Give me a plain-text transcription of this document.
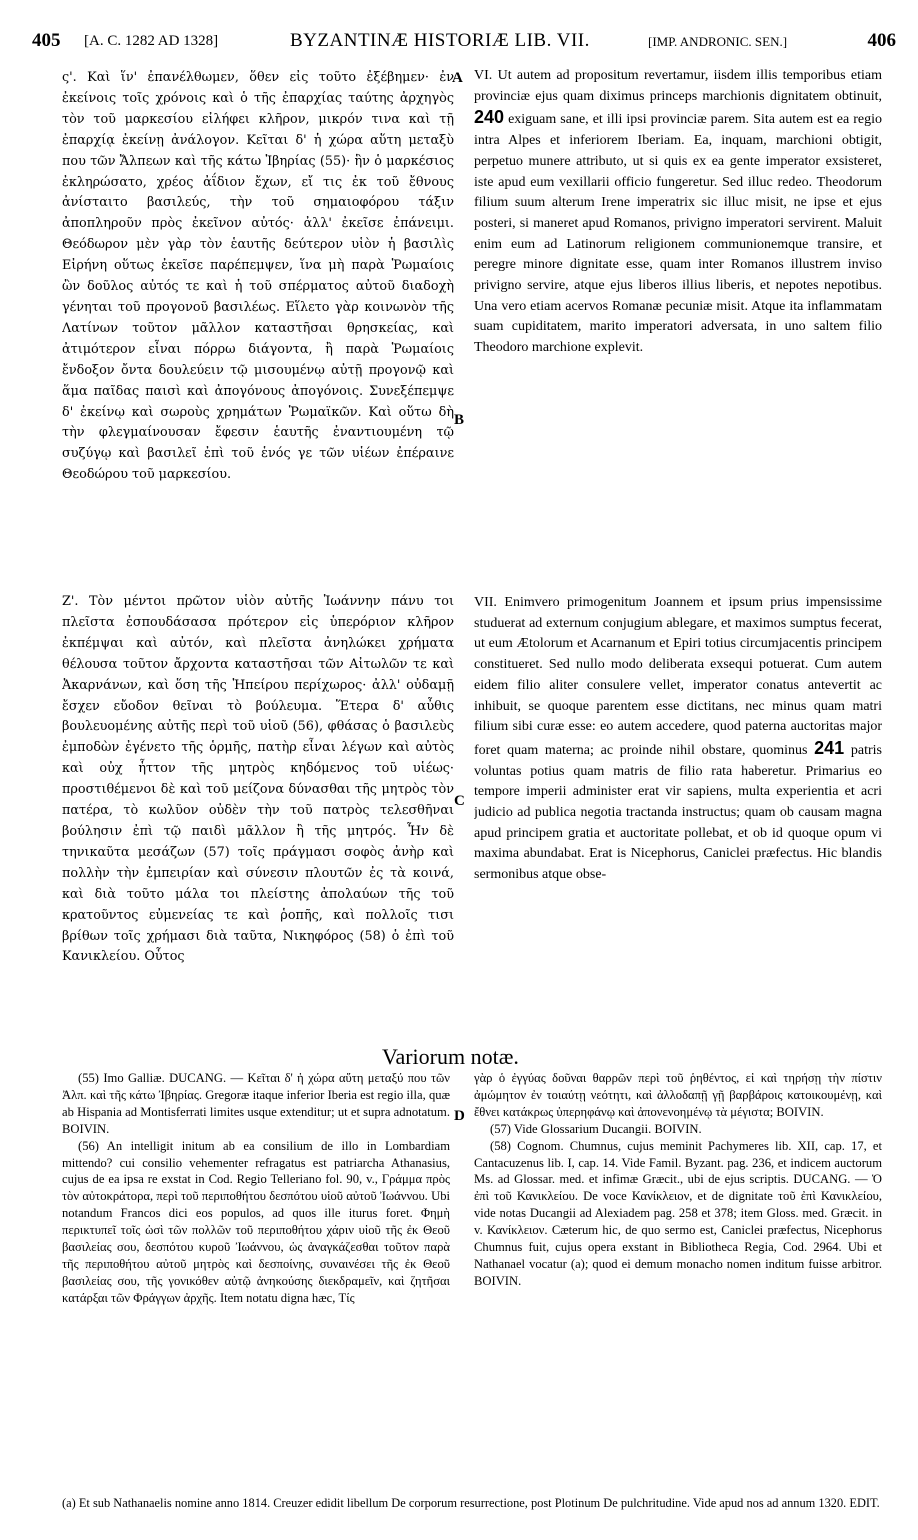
405 [A. C. 1282 AD 1328]	BYZANTINÆ HISTORIÆ LIB. VII.	[IMP. ANDRONIC. SEN.]	406

ς'. Καὶ ἵν' ἐπανέλθωμεν, ὅθεν εἰς τοῦτο ἐξέβημεν· ἐν ἐκείνοις τοῖς χρόνοις καὶ ὁ τῆς ἐπαρχίας ταύτης ἀρχηγὸς τὸν τοῦ μαρκεσίου εἰλήφει κλῆρον, μικρόν τινα καὶ τῇ ἐπαρχίᾳ ἐκείνῃ ἀνάλογον. Κεῖται δ' ἡ χώρα αὕτη μεταξὺ που τῶν Ἄλπεων καὶ τῆς κάτω Ἰβηρίας (55)· ἣν ὁ μαρκέσιος ἐκληρώσατο, χρέος ἀΐδιον ἔχων, εἴ τις ἐκ τοῦ ἔθνους ἀνίσταιτο βασιλεύς, τὴν τοῦ σημαιοφόρου τάξιν ἀποπληροῦν πρὸς ἐκεῖνον αὐτός· ἀλλ' ἐκεῖσε ἐπάνειμι. Θεόδωρον μὲν γὰρ τὸν ἑαυτῆς δεύτερον υἱὸν ἡ βασιλὶς Εἰρήνη οὕτως ἐκεῖσε παρέπεμψεν, ἵνα μὴ παρὰ Ῥωμαίοις ὢν δοῦλος αὐτός τε καὶ ἡ τοῦ σπέρματος αὐτοῦ διαδοχὴ γένηται τοῦ προγονοῦ βασιλέως. Εἵλετο γὰρ κοινωνὸν τῆς Λατίνων τοῦτον μᾶλλον καταστῆσαι θρησκείας, καὶ ἀτιμότερον εἶναι πόρρω διάγοντα, ἢ παρὰ Ῥωμαίοις ἔνδοξον ὄντα δουλεύειν τῷ μισουμένῳ αὐτῇ προγονῷ καὶ ἅμα παῖδας παισὶ καὶ ἀπογόνους ἀπογόνοις. Συνεξέπεμψε δ' ἐκείνῳ καὶ σωροὺς χρημάτων Ῥωμαϊκῶν. Καὶ οὕτω δὴ τὴν φλεγμαίνουσαν ἔφεσιν ἑαυτῆς ἐναντιουμένη τῷ συζύγῳ καὶ βασιλεῖ ἐπὶ τοῦ ἑνός γε τῶν υἱέων ἐπέραινε Θεοδώρου τοῦ μαρκεσίου.

Ζ'. Τὸν μέντοι πρῶτον υἱὸν αὐτῆς Ἰωάννην πάνυ τοι πλεῖστα ἐσπουδάσασα πρότερον εἰς ὑπερόριον κλῆρον ἐκπέμψαι καὶ αὐτόν, καὶ πλεῖστα ἀνηλώκει χρήματα θέλουσα τοῦτον ἄρχοντα καταστῆσαι τῶν Αἰτωλῶν τε καὶ Ἀκαρνάνων, καὶ ὅση τῆς Ἠπείρου περίχωρος· ἀλλ' οὐδαμῇ ἔσχεν εὔοδον θεῖναι τὸ βούλευμα. Ἕτερα δ' αὖθις βουλευομένης αὐτῆς περὶ τοῦ υἱοῦ (56), φθάσας ὁ βασιλεὺς ἐμποδὼν ἐγένετο τῆς ὁρμῆς, πατὴρ εἶναι λέγων καὶ αὐτὸς καὶ οὐχ ἧττον τῆς μητρὸς κηδόμενος τοῦ υἱέως· προστιθέμενοι δὲ καὶ τοῦ μείζονα δύνασθαι τῆς μητρὸς τὸν πατέρα, τὸ κωλῦον οὐδὲν τὴν τοῦ πατρὸς τελεσθῆναι βούλησιν ἐπὶ τῷ παιδὶ μᾶλλον ἢ τῆς μητρός. Ἦν δὲ τηνικαῦτα μεσάζων (57) τοῖς πράγμασι σοφὸς ἀνὴρ καὶ πολλὴν τὴν ἐμπειρίαν καὶ σύνεσιν πλουτῶν ἐς τὰ κοινά, καὶ διὰ τοῦτο μάλα τοι πλείστης ἀπολαύων τῆς τοῦ κρατοῦντος εὐμενείας τε καὶ ῥοπῆς, καὶ πολλοῖς τισι βρίθων τοῖς χρήμασι διὰ ταῦτα, Νικηφόρος (58) ὁ ἐπὶ τοῦ Κανικλείου. Οὗτος

A
B
C
D

VI. Ut autem ad propositum revertamur, iisdem illis temporibus etiam provinciæ ejus quam diximus princeps marchionis dignitatem obtinuit, 240 exiguam sane, et illi ipsi provinciæ parem. Sita autem est ea regio intra Alpes et inferiorem Iberiam. Ea, inquam, marchioni obtigit, perpetuo munere attributo, ut si quis ex ea gente imperator exsisteret, iste apud eum vexillarii officio fungeretur. Sed illuc redeo. Theodorum filium suum alterum Irene imperatrix sic illuc misit, ne ipse et ejus posteri, si maneret apud Romanos, privigno imperatori servirent. Maluit enim eum ad Latinorum religionem communionemque transire, et peregre minore dignitate esse, quam inter Romanos illustrem invisо privigno servire, atque ejus liberos illius liberis, et nepotes nepotibus. Una vero etiam acervos Romanæ pecuniæ misit. Atque ita inflammatam suam cupiditatem, marito imperatori adversata, in uno saltem filio Theodoro marchione explevit.

VII. Enimvero primogenitum Joannem et ipsum prius impensissime studuerat ad externum conjugium ablegare, et maximos sumptus fecerat, ut eum Ætolorum et Acarnanum et Epiri totius circumjacentis principem constitueret. Sed nullo modo deliberata exsequi potuerat. Cum autem eidem filio aliter consulere vellet, imperator conatus antevertit ac inhibuit, se quoque parentem esse dictitans, nec minus quam matri filium sibi curæ esse: eo autem accedere, quod paterna auctoritas major foret quam materna; ac proinde nihil obstare, quominus 241 patris voluntas potius quam matris de filio rata haberetur. Primarius eo tempore imperii administer erat vir sapiens, multa experientia et acri judicio ad publica negotia tractanda instructus; quam ob causam magna apud principem gratia et auctoritate pollebat, et ob id quoque opum vi maxima abundabat. Erat is Nicephorus, Caniclei præfectus. Hic blandis sermonibus atque obse-

Variorum notæ.

(55) Imo Galliæ. DUCANG. — Κεῖται δ' ἡ χώρα αὕτη μεταξύ που τῶν Ἀλπ. καὶ τῆς κάτω Ἰβηρίας. Gregoræ itaque inferior Iberia est regio illa, quæ ab Hispania ad Montisferrati limites usque extenditur; ut et supra adnotatum. BOIVIN.

(56) An intelligit initum ab ea consilium de illo in Lombardiam mittendo? cui consilio vehementer refragatus est patriarcha Athanasius, cujus de ea ipsa re exstat in Cod. Regio Telleriano fol. 90, v., Γράμμα πρὸς τὸν αὐτοκράτορα, περὶ τοῦ περιποθήτου δεσπότου υἱοῦ αὐτοῦ Ἰωάννου. Ubi notandum Francos dici eos populos, ad quos ille iturus foret. Φημὴ περικτυπεῖ τοῖς ὠσὶ τῶν πολλῶν τοῦ περιποθήτου χάριν υἱοῦ τῆς ἐκ Θεοῦ βασιλείας σου, δεσπότου κυροῦ Ἰωάννου, ὡς ἀναγκάζεσθαι τοῦτον παρὰ τῆς περιποθήτου αὐτοῦ μητρὸς καὶ δεσποίνης, συναινέσει τῆς ἐκ Θεοῦ βασιλείας σου, τῆς γονικόθεν αὐτῷ ἀνηκούσης διεκδραμεῖν, καὶ ζητῆσαι κατάρξαι τῶν Φράγγων ἀρχῆς. Item notatu digna hæc, Τίς

γὰρ ὁ ἐγγύας δοῦναι θαρρῶν περὶ τοῦ ῥηθέντος, εἰ καὶ τηρήσῃ τὴν πίστιν ἀμώμητον ἐν τοιαύτῃ νεότητι, καὶ ἀλλοδαπῇ γῇ βαρβάροις κατοικουμένῃ, καὶ ἔθνει κατάκρως ὑπερηφάνῳ καὶ ἀπονενοημένῳ τὰ μέγιστα; BOIVIN.

(57) Vide Glossarium Ducangii. BOIVIN.

(58) Cognom. Chumnus, cujus meminit Pachymeres lib. XII, cap. 17, et Cantacuzenus lib. I, cap. 14. Vide Famil. Byzant. pag. 236, et indicem auctorum Ms. ad Glossar. med. et infimæ Græcit., ubi de ejus scriptis. DUCANG. — Ὁ ἐπὶ τοῦ Κανικλείου. De voce Κανίκλειον, et de dignitate τοῦ ἐπὶ Κανικλείου, vide notas Ducangii ad Alexiadem pag. 258 et 378; item Gloss. med. Græcit. in v. Κανίκλειον. Cæterum hic, de quo sermo est, Caniclei præfectus, Nicephorus Chumnus fuit, cujus opera exstant in Bibliotheca Regia, Cod. 2964. Ubi et Nathanael vocatur (a); quod ei demum monacho nomen inditum fuisse arbitror. BOIVIN.

(a) Et sub Nathanaelis nomine anno 1814. Creuzer edidit libellum De corporum resurrectione, post Plotinum De pulchritudine. Vide apud nos ad annum 1320. EDIT.
